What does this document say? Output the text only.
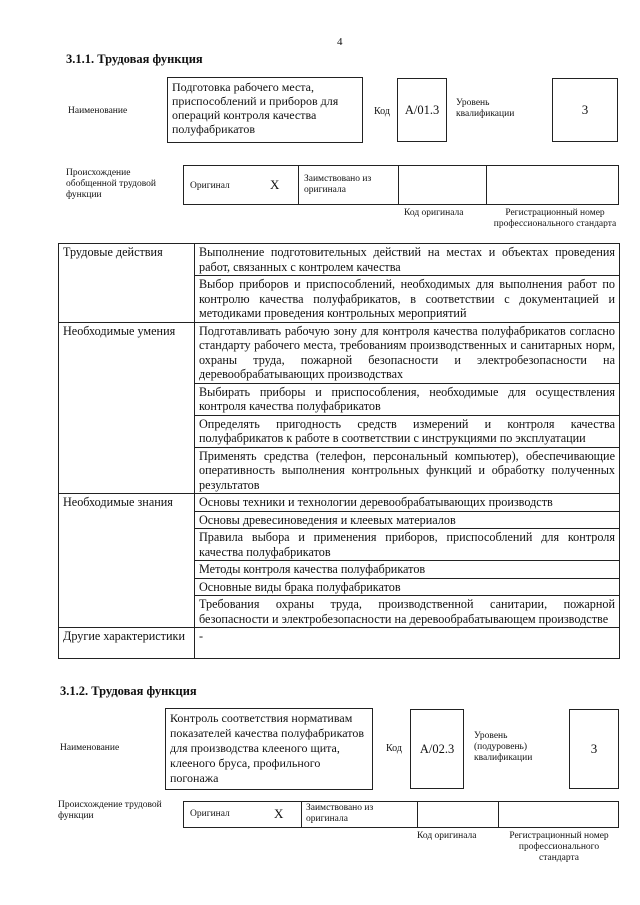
4
3.1.1. Трудовая функция
Наименование
Подготовка рабочего места, приспособлений и приборов для операций контроля качества полуфабрикатов
Код	А/01.3	Уровень квалификации	3
Происхождение обобщенной трудовой функции
Оригинал	Х	Заимствовано из оригинала
Код оригинала	Регистрационный номер профессионального стандарта
Трудовые действия	Выполнение подготовительных действий на местах и объектах проведения работ, связанных с контролем качества
	Выбор приборов и приспособлений, необходимых для выполнения работ по контролю качества полуфабрикатов, в соответствии с документацией и методиками проведения контрольных мероприятий
Необходимые умения	Подготавливать рабочую зону для контроля качества полуфабрикатов согласно стандарту рабочего места, требованиям производственных и санитарных норм, охраны труда, пожарной безопасности и электробезопасности на деревообрабатывающих производствах
	Выбирать приборы и приспособления, необходимые для осуществления контроля качества полуфабрикатов
	Определять пригодность средств измерений и контроля качества полуфабрикатов к работе в соответствии с инструкциями по эксплуатации
	Применять средства (телефон, персональный компьютер), обеспечивающие оперативность выполнения контрольных функций и обработку полученных результатов
Необходимые знания	Основы техники и технологии деревообрабатывающих производств
	Основы древесиноведения и клеевых материалов
	Правила выбора и применения приборов, приспособлений для контроля качества полуфабрикатов
	Методы контроля качества полуфабрикатов
	Основные виды брака полуфабрикатов
	Требования охраны труда, производственной санитарии, пожарной безопасности и электробезопасности на деревообрабатывающем производстве
Другие характеристики	-
3.1.2. Трудовая функция
Наименование
Контроль соответствия нормативам показателей качества полуфабрикатов для производства клееного щита, клееного бруса, профильного погонажа
Код	А/02.3
Уровень (подуровень) квалификации
3
Происхождение трудовой функции	Оригинал	Х Заимствовано из оригинала
Код оригинала	Регистрационный номер профессионального стандарта
